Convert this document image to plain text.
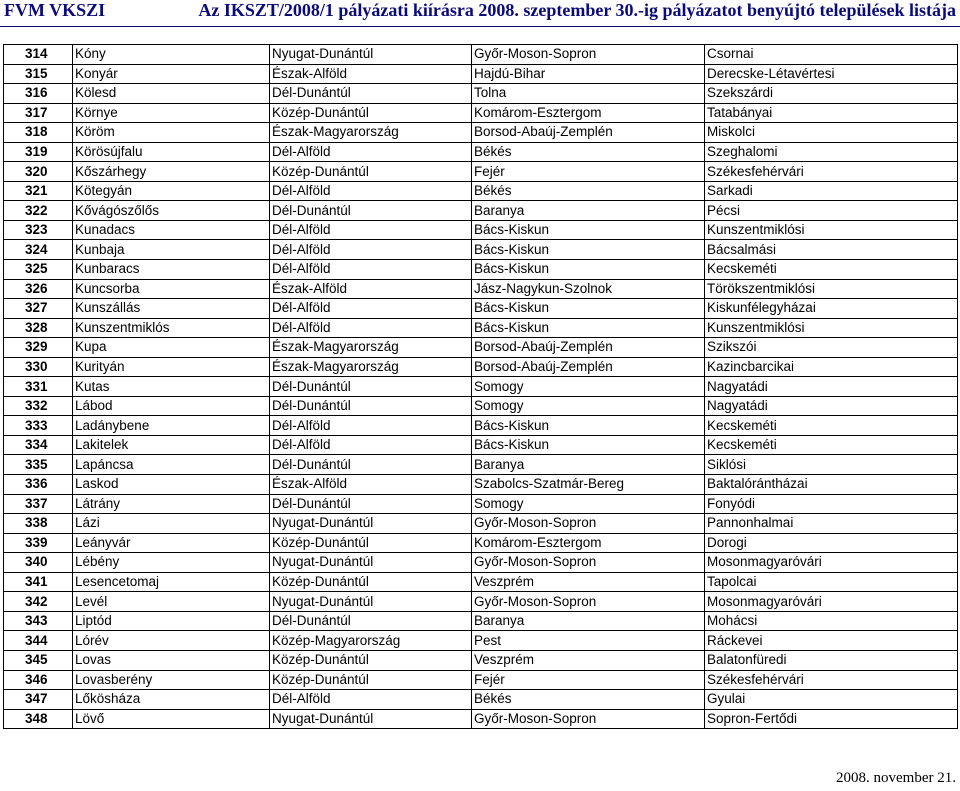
FVM VKSZI	Az IKSZT/2008/1 pályázati kiírásra 2008. szeptember 30.-ig pályázatot benyújtó települések listája
314	Kóny	Nyugat-Dunántúl	Győr-Moson-Sopron	Csornai
315	Konyár	Észak-Alföld	Hajdú-Bihar	Derecske-Létavértesi
316	Kölesd	Dél-Dunántúl	Tolna	Szekszárdi
317	Környe	Közép-Dunántúl	Komárom-Esztergom	Tatabányai
318	Köröm	Észak-Magyarország	Borsod-Abaúj-Zemplén	Miskolci
319	Körösújfalu	Dél-Alföld	Békés	Szeghalomi
320	Kőszárhegy	Közép-Dunántúl	Fejér	Székesfehérvári
321	Kötegyán	Dél-Alföld	Békés	Sarkadi
322	Kővágószőlős	Dél-Dunántúl	Baranya	Pécsi
323	Kunadacs	Dél-Alföld	Bács-Kiskun	Kunszentmiklósi
324	Kunbaja	Dél-Alföld	Bács-Kiskun	Bácsalmási
325	Kunbaracs	Dél-Alföld	Bács-Kiskun	Kecskeméti
326	Kuncsorba	Észak-Alföld	Jász-Nagykun-Szolnok	Törökszentmiklósi
327	Kunszállás	Dél-Alföld	Bács-Kiskun	Kiskunfélegyházai
328	Kunszentmiklós	Dél-Alföld	Bács-Kiskun	Kunszentmiklósi
329	Kupa	Észak-Magyarország	Borsod-Abaúj-Zemplén	Szikszói
330	Kurityán	Észak-Magyarország	Borsod-Abaúj-Zemplén	Kazincbarcikai
331	Kutas	Dél-Dunántúl	Somogy	Nagyatádi
332	Lábod	Dél-Dunántúl	Somogy	Nagyatádi
333	Ladánybene	Dél-Alföld	Bács-Kiskun	Kecskeméti
334	Lakitelek	Dél-Alföld	Bács-Kiskun	Kecskeméti
335	Lapáncsa	Dél-Dunántúl	Baranya	Siklósi
336	Laskod	Észak-Alföld	Szabolcs-Szatmár-Bereg	Baktalórántházai
337	Látrány	Dél-Dunántúl	Somogy	Fonyódi
338	Lázi	Nyugat-Dunántúl	Győr-Moson-Sopron	Pannonhalmai
339	Leányvár	Közép-Dunántúl	Komárom-Esztergom	Dorogi
340	Lébény	Nyugat-Dunántúl	Győr-Moson-Sopron	Mosonmagyaróvári
341	Lesencetomaj	Közép-Dunántúl	Veszprém	Tapolcai
342	Levél	Nyugat-Dunántúl	Győr-Moson-Sopron	Mosonmagyaróvári
343	Liptód	Dél-Dunántúl	Baranya	Mohácsi
344	Lórév	Közép-Magyarország	Pest	Ráckevei
345	Lovas	Közép-Dunántúl	Veszprém	Balatonfüredi
346	Lovasberény	Közép-Dunántúl	Fejér	Székesfehérvári
347	Lőkösháza	Dél-Alföld	Békés	Gyulai
348	Lövő	Nyugat-Dunántúl	Győr-Moson-Sopron	Sopron-Fertődi
2008. november 21.
